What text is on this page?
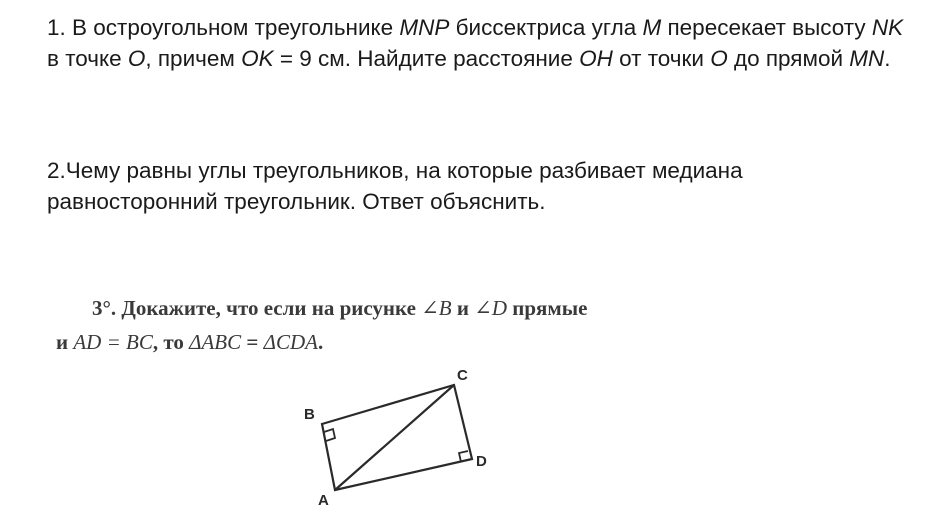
1. В остроугольном треугольнике MNP биссектриса угла M пересекает высоту NK в точке O, причем OK = 9 см. Найдите расстояние OH от точки O до прямой MN.

2.Чему равны углы треугольников, на которые разбивает медиана равносторонний треугольник. Ответ объяснить.

3°. Докажите, что если на рисунке ∠B и ∠D прямые
и AD = BC, то ΔABC = ΔCDA.
A
B
C
D
